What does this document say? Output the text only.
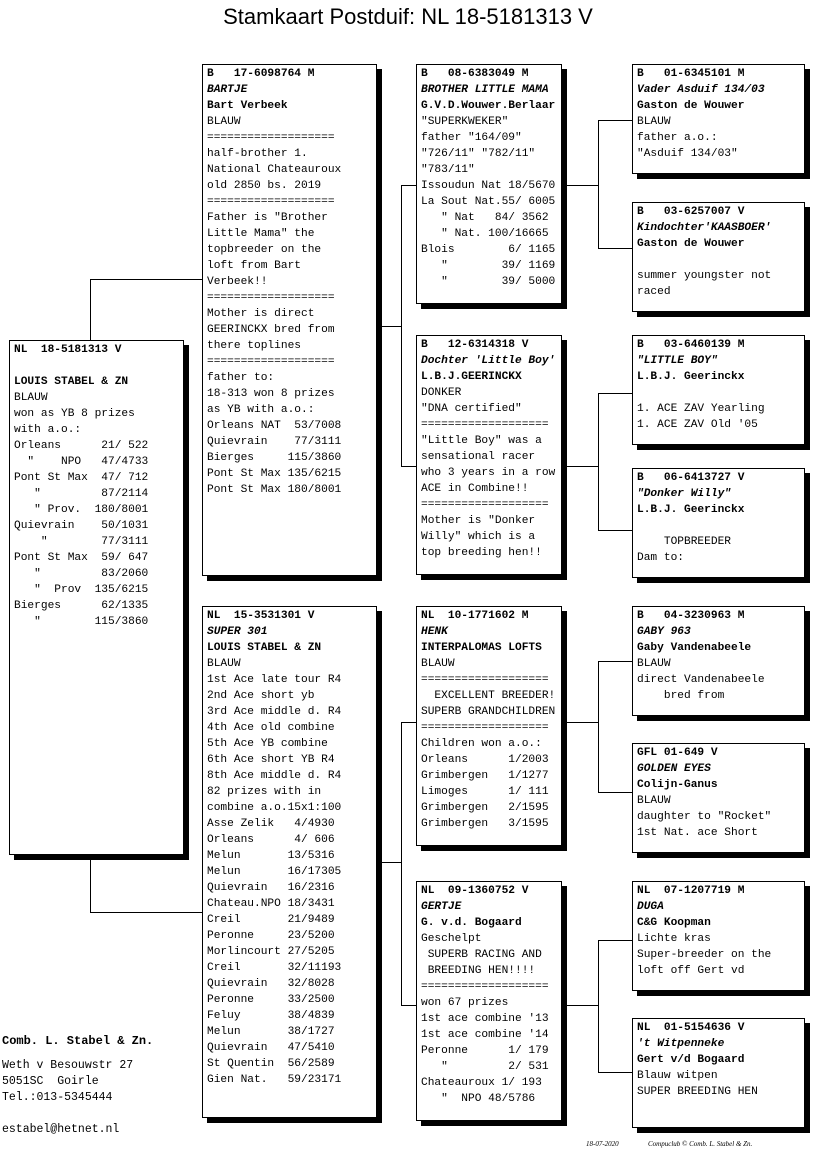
Stamkaart Postduif: NL 18-5181313 V
NL  18-5181313 V

LOUIS STABEL & ZN
BLAUW
won as YB 8 prizes
with a.o.:
Orleans      21/ 522
"    NPO   47/4733
Pont St Max  47/ 712
"         87/2114
" Prov.  180/8001
Quievrain    50/1031
"        77/3111
Pont St Max  59/ 647
"         83/2060
"  Prov  135/6215
Bierges      62/1335
"        115/3860
B   17-6098764 M
BARTJE
Bart Verbeek
BLAUW
===================
half-brother 1.
National Chateauroux
old 2850 bs. 2019
===================
Father is "Brother
Little Mama" the
topbreeder on the
loft from Bart
Verbeek!!
===================
Mother is direct
GEERINCKX bred from
there toplines
===================
father to:
18-313 won 8 prizes
as YB with a.o.:
Orleans NAT  53/7008
Quievrain    77/3111
Bierges     115/3860
Pont St Max 135/6215
Pont St Max 180/8001
NL  15-3531301 V
SUPER 301
LOUIS STABEL & ZN
BLAUW
1st Ace late tour R4
2nd Ace short yb
3rd Ace middle d. R4
4th Ace old combine
5th Ace YB combine
6th Ace short YB R4
8th Ace middle d. R4
82 prizes with in
combine a.o.15x1:100
Asse Zelik   4/4930
Orleans      4/ 606
Melun       13/5316
Melun       16/17305
Quievrain   16/2316
Chateau.NPO 18/3431
Creil       21/9489
Peronne     23/5200
Morlincourt 27/5205
Creil       32/11193
Quievrain   32/8028
Peronne     33/2500
Feluy       38/4839
Melun       38/1727
Quievrain   47/5410
St Quentin  56/2589
Gien Nat.   59/23171
B   08-6383049 M
BROTHER LITTLE MAMA
G.V.D.Wouwer.Berlaar
"SUPERKWEKER"
father "164/09"
"726/11" "782/11"
"783/11"
Issoudun Nat 18/5670
La Sout Nat.55/ 6005
" Nat   84/ 3562
" Nat. 100/16665
Blois        6/ 1165
"        39/ 1169
"        39/ 5000
B   12-6314318 V
Dochter 'Little Boy'
L.B.J.GEERINCKX
DONKER
"DNA certified"
===================
"Little Boy" was a
sensational racer
who 3 years in a row
ACE in Combine!!
===================
Mother is "Donker
Willy" which is a
top breeding hen!!
NL  10-1771602 M
HENK
INTERPALOMAS LOFTS
BLAUW
===================
EXCELLENT BREEDER!
SUPERB GRANDCHILDREN
===================
Children won a.o.:
Orleans      1/2003
Grimbergen   1/1277
Limoges      1/ 111
Grimbergen   2/1595
Grimbergen   3/1595
NL  09-1360752 V
GERTJE
G. v.d. Bogaard
Geschelpt
SUPERB RACING AND
BREEDING HEN!!!!
===================
won 67 prizes
1st ace combine '13
1st ace combine '14
Peronne      1/ 179
"         2/ 531
Chateauroux 1/ 193
"  NPO 48/5786
B   01-6345101 M
Vader Asduif 134/03
Gaston de Wouwer
BLAUW
father a.o.:
"Asduif 134/03"
B   03-6257007 V
Kindochter'KAASBOER'
Gaston de Wouwer

summer youngster not
raced
B   03-6460139 M
"LITTLE BOY"
L.B.J. Geerinckx

1. ACE ZAV Yearling
1. ACE ZAV Old '05
B   06-6413727 V
"Donker Willy"
L.B.J. Geerinckx

TOPBREEDER
Dam to:
B   04-3230963 M
GABY 963
Gaby Vandenabeele
BLAUW
direct Vandenabeele
bred from
GFL 01-649 V
GOLDEN EYES
Colijn-Ganus
BLAUW
daughter to "Rocket"
1st Nat. ace Short
NL  07-1207719 M
DUGA
C&G Koopman
Lichte kras
Super-breeder on the
loft off Gert vd
NL  01-5154636 V
't Witpenneke
Gert v/d Bogaard
Blauw witpen
SUPER BREEDING HEN
Comb. L. Stabel & Zn.
Weth v Besouwstr 27
5051SC  Goirle
Tel.:013-5345444
estabel@hetnet.nl
18-07-2020	Compuclub © Comb. L. Stabel & Zn.
